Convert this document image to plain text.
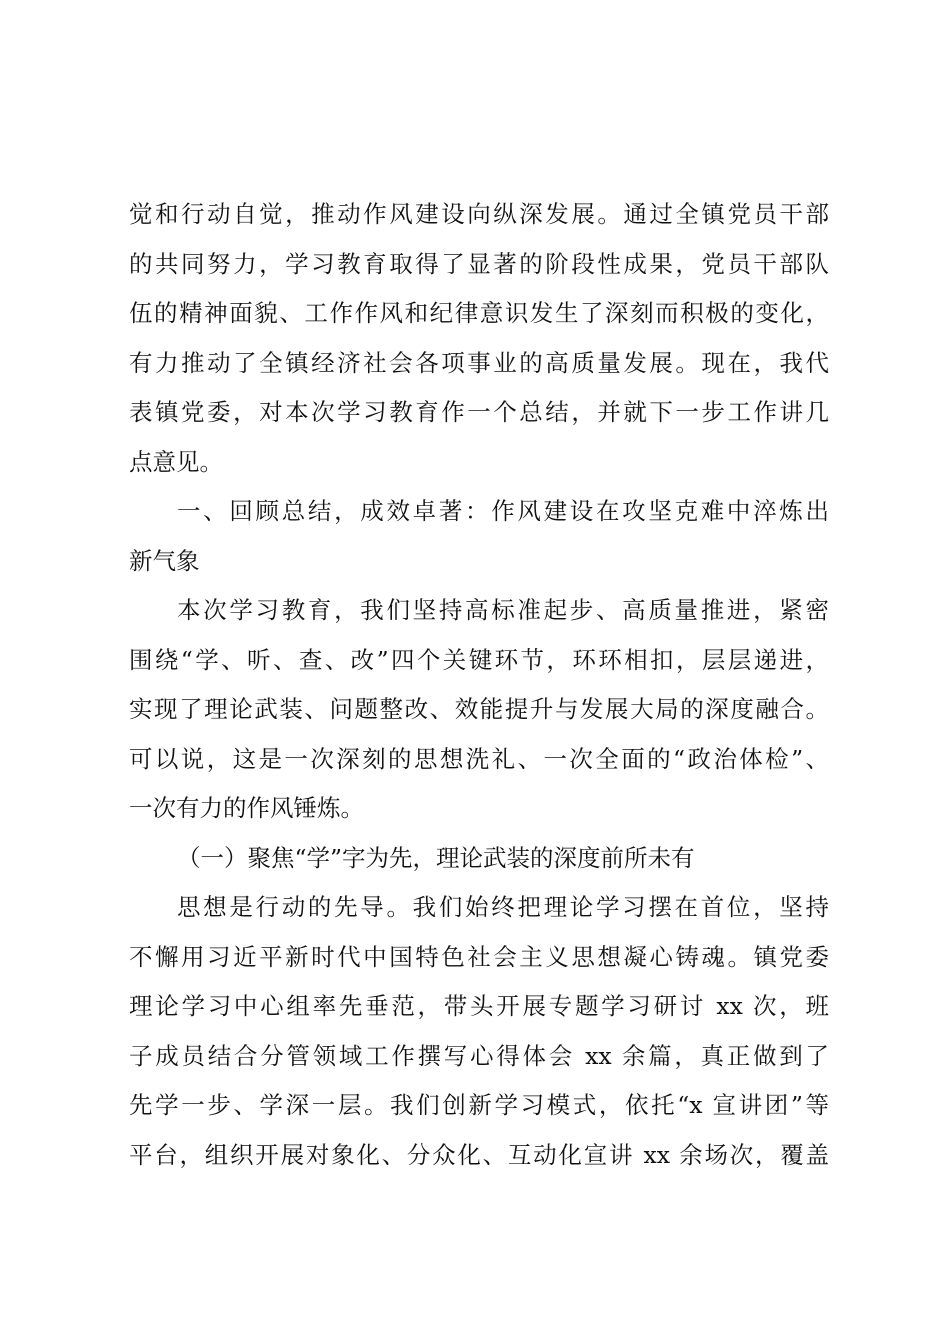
觉和行动自觉，推动作风建设向纵深发展。通过全镇党员干部
的共同努力，学习教育取得了显著的阶段性成果，党员干部队
伍的精神面貌、工作作风和纪律意识发生了深刻而积极的变化，
有力推动了全镇经济社会各项事业的高质量发展。现在，我代
表镇党委，对本次学习教育作一个总结，并就下一步工作讲几
点意见。
一、回顾总结，成效卓著：作风建设在攻坚克难中淬炼出
新气象
本次学习教育，我们坚持高标准起步、高质量推进，紧密
围绕“学、听、查、改”四个关键环节，环环相扣，层层递进，
实现了理论武装、问题整改、效能提升与发展大局的深度融合。
可以说，这是一次深刻的思想洗礼、一次全面的“政治体检”、
一次有力的作风锤炼。
（一）聚焦“学”字为先，理论武装的深度前所未有
思想是行动的先导。我们始终把理论学习摆在首位，坚持
不懈用习近平新时代中国特色社会主义思想凝心铸魂。镇党委
理论学习中心组率先垂范，带头开展专题学习研讨 xx 次，班
子成员结合分管领域工作撰写心得体会 xx 余篇，真正做到了
先学一步、学深一层。我们创新学习模式，依托“x 宣讲团”等
平台，组织开展对象化、分众化、互动化宣讲 xx 余场次，覆盖
